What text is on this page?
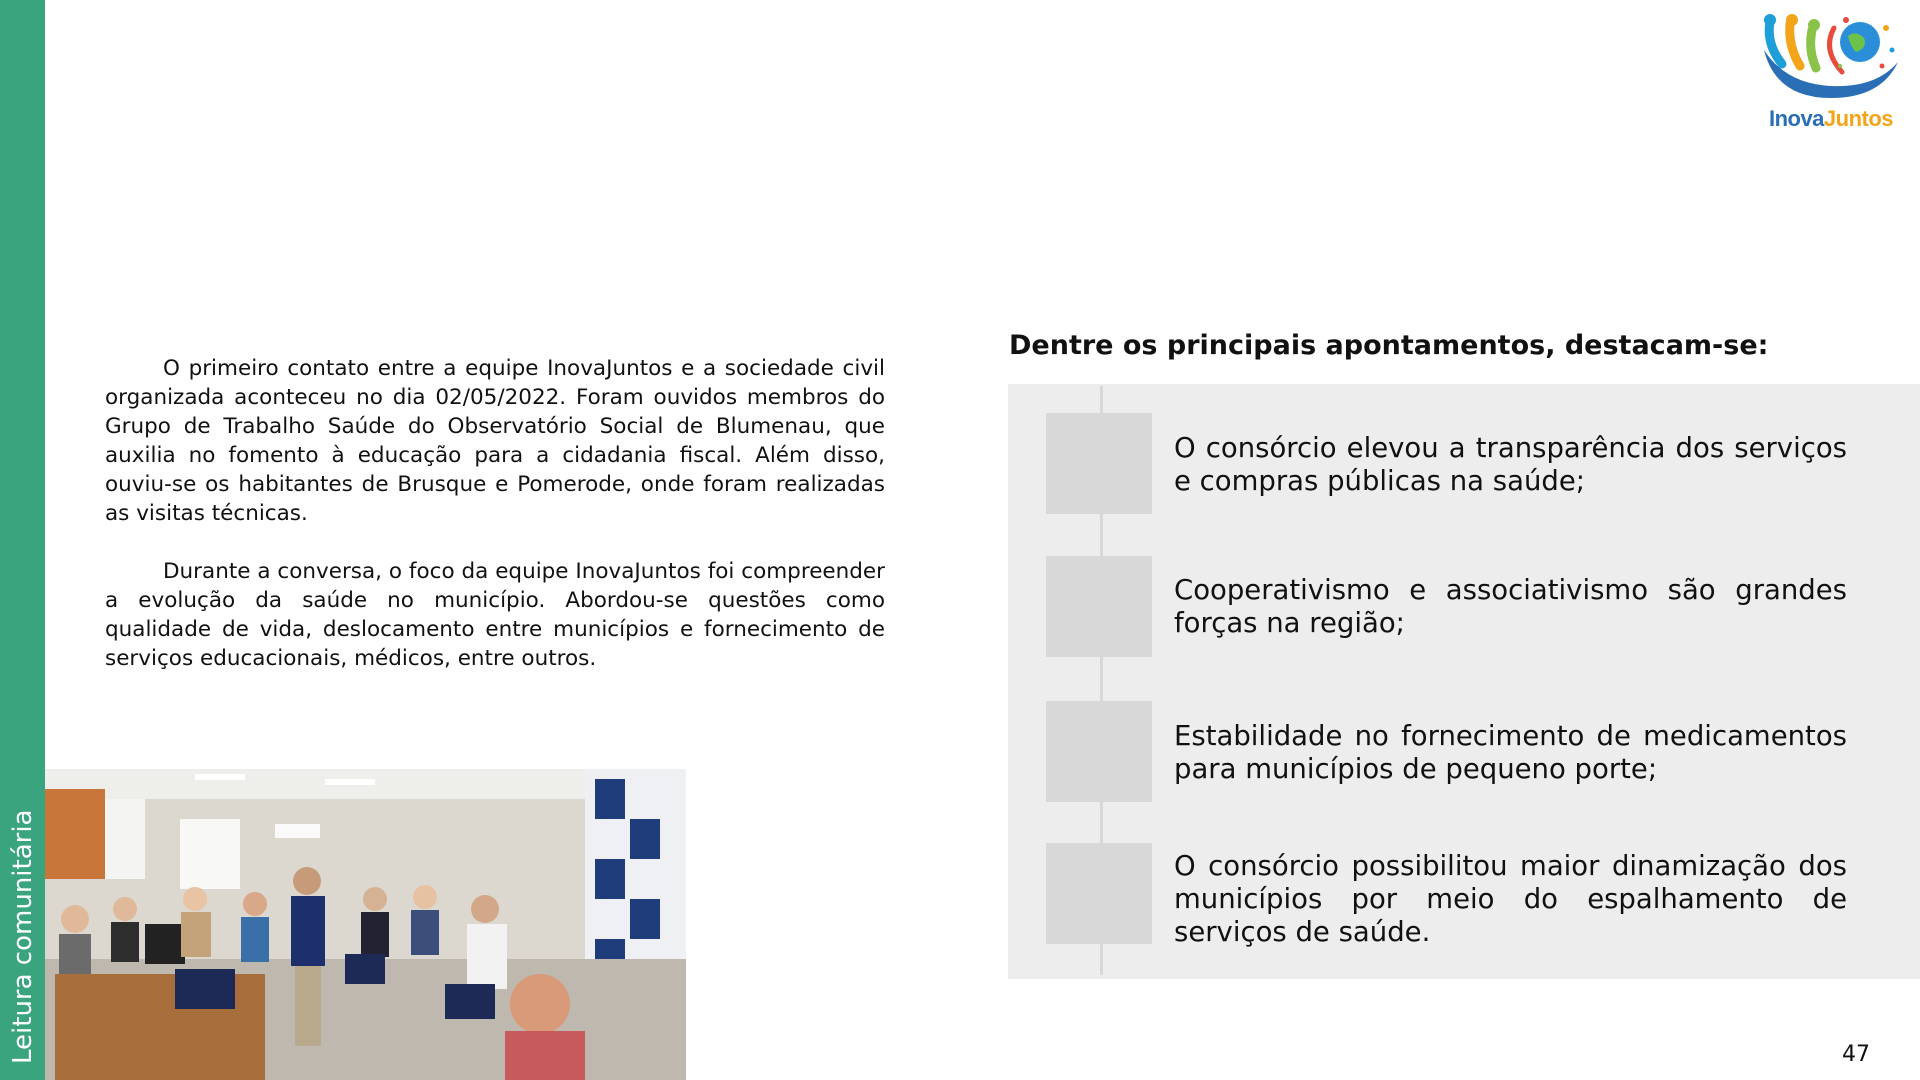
Leitura comunitária
InovaJuntos

O primeiro contato entre a equipe InovaJuntos e a sociedade civil organizada aconteceu no dia 02/05/2022. Foram ouvidos membros do Grupo de Trabalho Saúde do Observatório Social de Blumenau, que auxilia no fomento à educação para a cidadania fiscal. Além disso, ouviu-se os habitantes de Brusque e Pomerode, onde foram realizadas as visitas técnicas.

Durante a conversa, o foco da equipe InovaJuntos foi compreender a evolução da saúde no município. Abordou-se questões como qualidade de vida, deslocamento entre municípios e fornecimento de serviços educacionais, médicos, entre outros.

Dentre os principais apontamentos, destacam-se:
O consórcio elevou a transparência dos serviços e compras públicas na saúde;
Cooperativismo e associativismo são grandes forças na região;
Estabilidade no fornecimento de medicamentos para municípios de pequeno porte;
O consórcio possibilitou maior dinamização dos municípios por meio do espalhamento de serviços de saúde.
47
